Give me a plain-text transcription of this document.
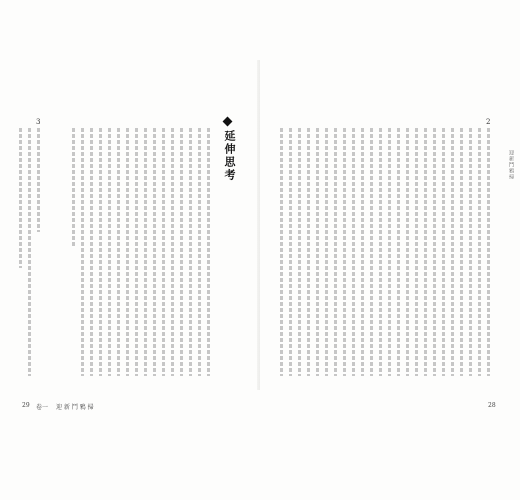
延伸思考
3
29 卷一 迎 新 鬥 鴉 掃
2
迎新鬥鴉掃
28
